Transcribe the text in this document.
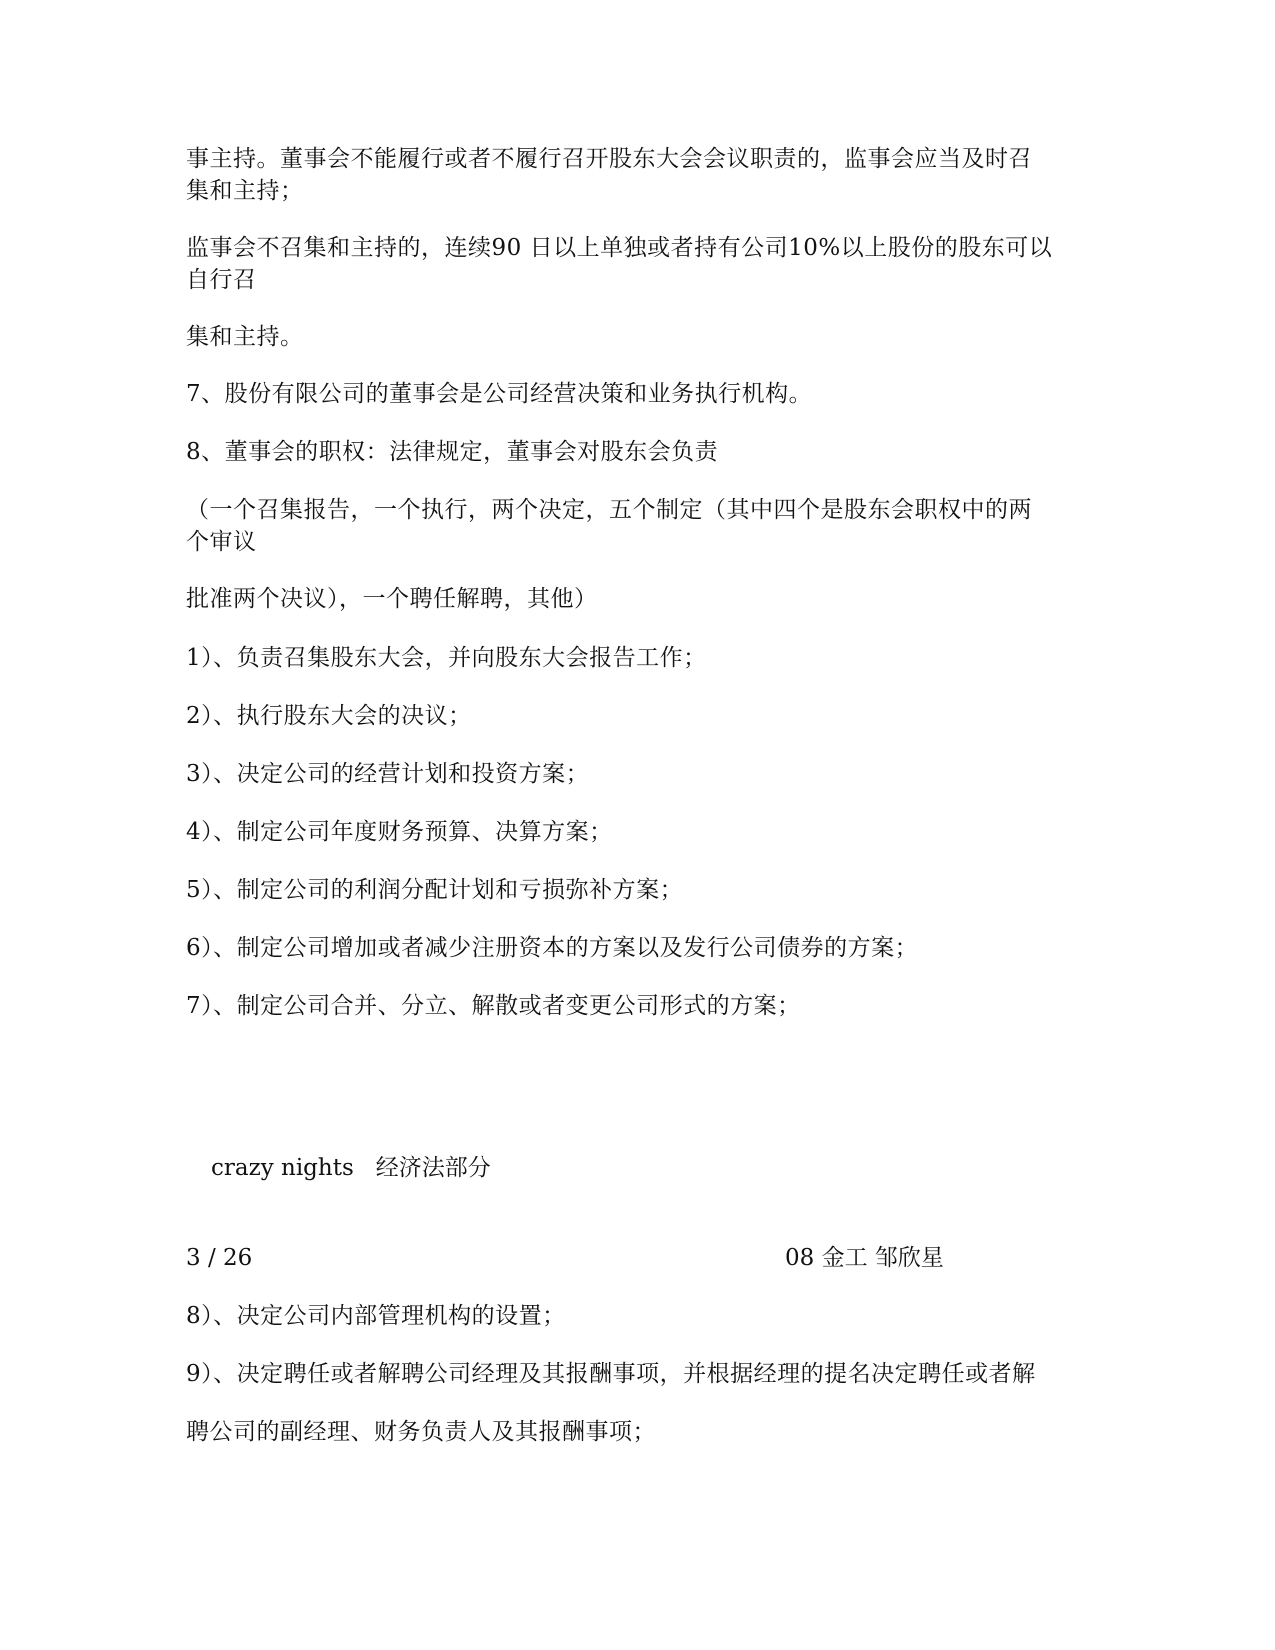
事主持。董事会不能履行或者不履行召开股东大会会议职责的，监事会应当及时召
集和主持；
监事会不召集和主持的，连续90 日以上单独或者持有公司10%以上股份的股东可以
自行召
集和主持。
7、股份有限公司的董事会是公司经营决策和业务执行机构。
8、董事会的职权：法律规定，董事会对股东会负责
（一个召集报告，一个执行，两个决定，五个制定（其中四个是股东会职权中的两
个审议
批准两个决议），一个聘任解聘，其他）
1）、负责召集股东大会，并向股东大会报告工作；
2）、执行股东大会的决议；
3）、决定公司的经营计划和投资方案；
4）、制定公司年度财务预算、决算方案；
5）、制定公司的利润分配计划和亏损弥补方案；
6）、制定公司增加或者减少注册资本的方案以及发行公司债券的方案；
7）、制定公司合并、分立、解散或者变更公司形式的方案；
crazy nights 经济法部分
3 / 26	08 金工 邹欣星
8）、决定公司内部管理机构的设置；
9）、决定聘任或者解聘公司经理及其报酬事项，并根据经理的提名决定聘任或者解
聘公司的副经理、财务负责人及其报酬事项；
